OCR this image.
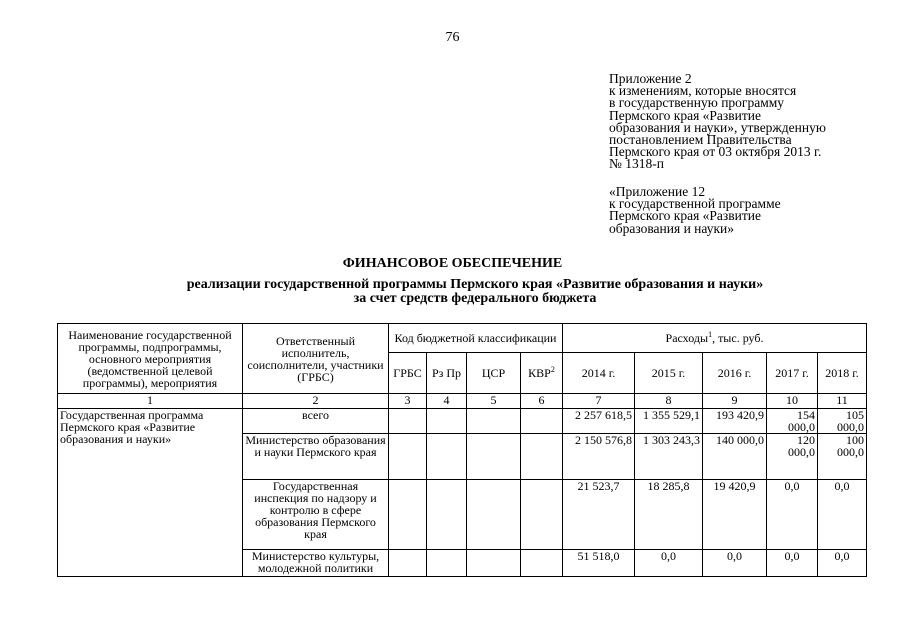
76
Приложение 2
к изменениям, которые вносятся
в государственную программу
Пермского края «Развитие
образования и науки», утвержденную
постановлением Правительства
Пермского края от 03 октября 2013 г.
№ 1318-п
«Приложение 12
к государственной программе
Пермского края «Развитие
образования и науки»
ФИНАНСОВОЕ ОБЕСПЕЧЕНИЕ
реализации государственной программы Пермского края «Развитие образования и науки»
за счет средств федерального бюджета
Наименование государственной программы, подпрограммы, основного мероприятия (ведомственной целевой программы), мероприятия	Ответственный исполнитель, соисполнители, участники (ГРБС)	Код бюджетной классификации				Расходы$^1$, тыс. руб.				
		ГРБС	Рз Пр	ЦСР	КВР$^2$	2014 г.	2015 г.	2016 г.	2017 г.	2018 г.
1	2	3	4	5	6	7	8	9	10	11
Государственная программа Пермского края «Развитие образования и науки»	всего					2 257 618,5	1 355 529,1	193 420,9	154 000,0	105 000,0
	Министерство образования и науки Пермского края					2 150 576,8	1 303 243,3	140 000,0	120 000,0	100 000,0
	Государственная инспекция по надзору и контролю в сфере образования Пермского края					21 523,7	18 285,8	19 420,9	0,0	0,0
	Министерство культуры, молодежной политики					51 518,0	0,0	0,0	0,0	0,0
